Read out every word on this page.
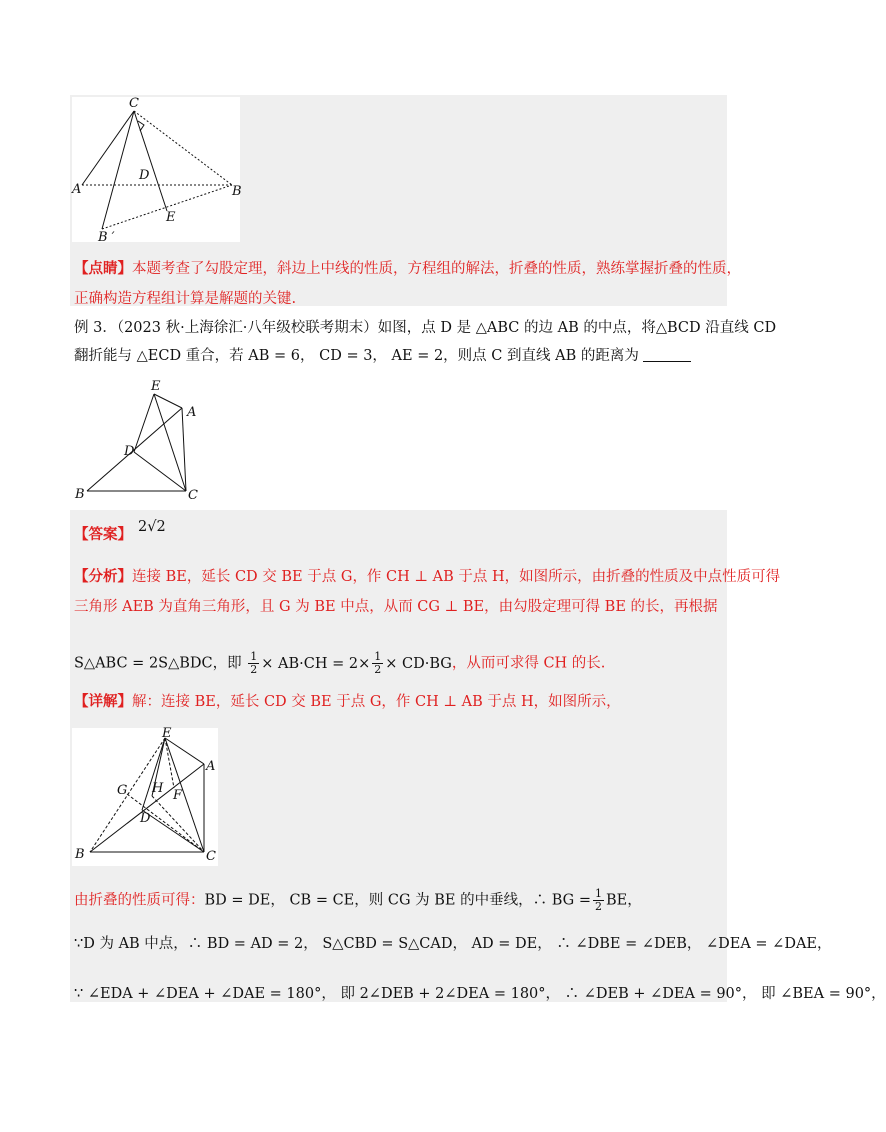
C
A
D
B
E
B ′
【点睛】本题考查了勾股定理，斜边上中线的性质，方程组的解法，折叠的性质，熟练掌握折叠的性质，
正确构造方程组计算是解题的关键.
例 3．（2023 秋·上海徐汇·八年级校联考期末）如图，点 D 是 △ABC 的边 AB 的中点，将△BCD 沿直线 CD
翻折能与 △ECD 重合，若 AB = 6， CD = 3， AE = 2，则点 C 到直线 AB 的距离为
E
A
D
B	C
【答案】 2√2
【分析】连接 BE，延长 CD 交 BE 于点 G，作 CH ⊥ AB 于点 H，如图所示，由折叠的性质及中点性质可得
三角形 AEB 为直角三角形，且 G 为 BE 中点，从而 CG ⊥ BE，由勾股定理可得 BE 的长，再根据
S△ABC = 2S△BDC，即 $\frac{1}{2} \times AB\cdot CH = 2\times \frac{1}{2} \times CD\cdot BG$，从而可求得 CH 的长.
【详解】解：连接 BE，延长 CD 交 BE 于点 G，作 CH ⊥ AB 于点 H，如图所示，
E
A
G H F
D
B	C
由折叠的性质可得：BD = DE， CB = CE，则 CG 为 BE 的中垂线，∴ BG = $\frac{1}{2}$ BE，
∵D 为 AB 中点，∴ BD = AD = 2， S△CBD = S△CAD， AD = DE， ∴ ∠DBE = ∠DEB， ∠DEA = ∠DAE，
∵ ∠EDA + ∠DEA + ∠DAE = 180°， 即 2∠DEB + 2∠DEA = 180°， ∴ ∠DEB + ∠DEA = 90°， 即 ∠BEA = 90°，
